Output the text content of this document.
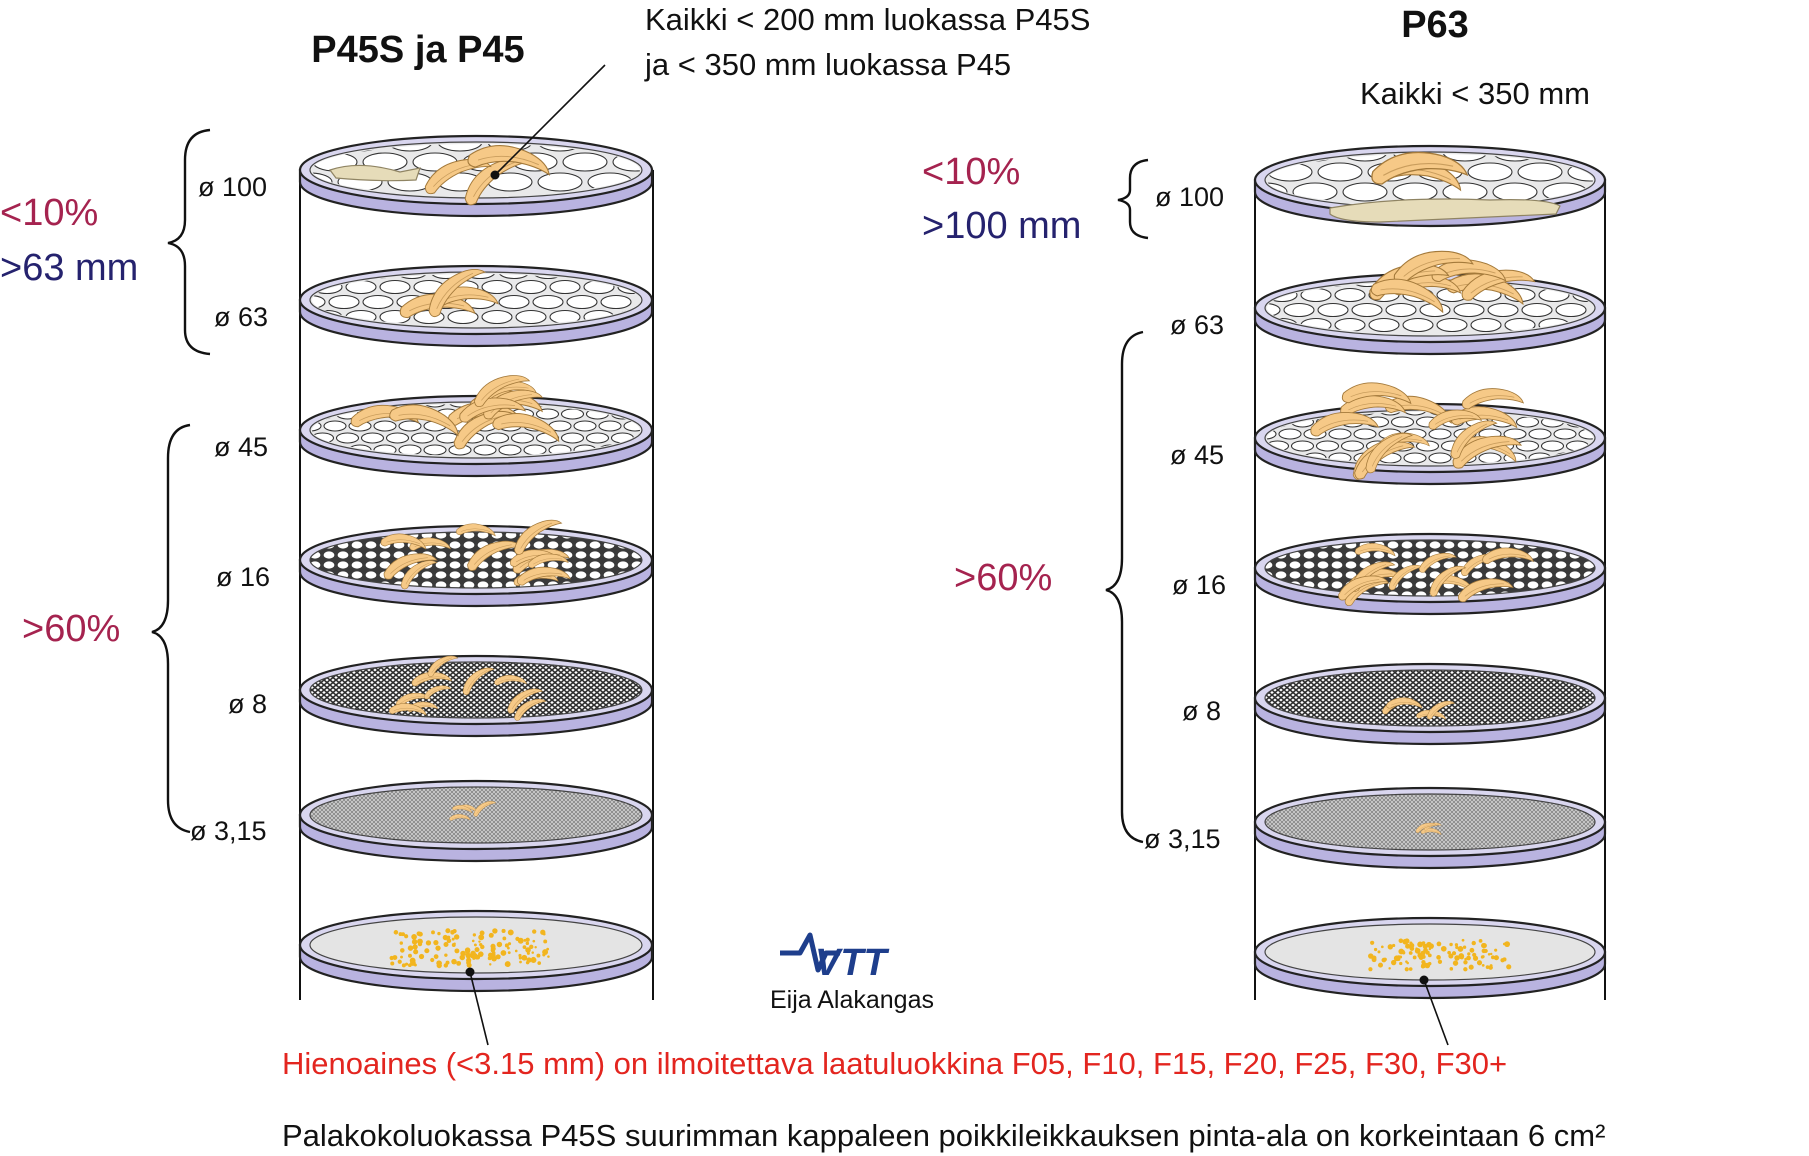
P45S ja P45
Kaikki < 200 mm luokassa P45S
ja < 350 mm luokassa P45
P63
Kaikki < 350 mm
<10%
>63 mm
>60%
<10%
>100 mm
>60%
ø 100
ø 63
ø 45
ø 16
ø 8
ø 3,15
ø 100
ø 63
ø 45
ø 16
ø 8
ø 3,15
VTT
Eija Alakangas
Hienoaines (<3.15 mm) on ilmoitettava laatuluokkina F05, F10, F15, F20, F25, F30, F30+
Palakokoluokassa P45S suurimman kappaleen poikkileikkauksen pinta-ala on korkeintaan 6 cm²
